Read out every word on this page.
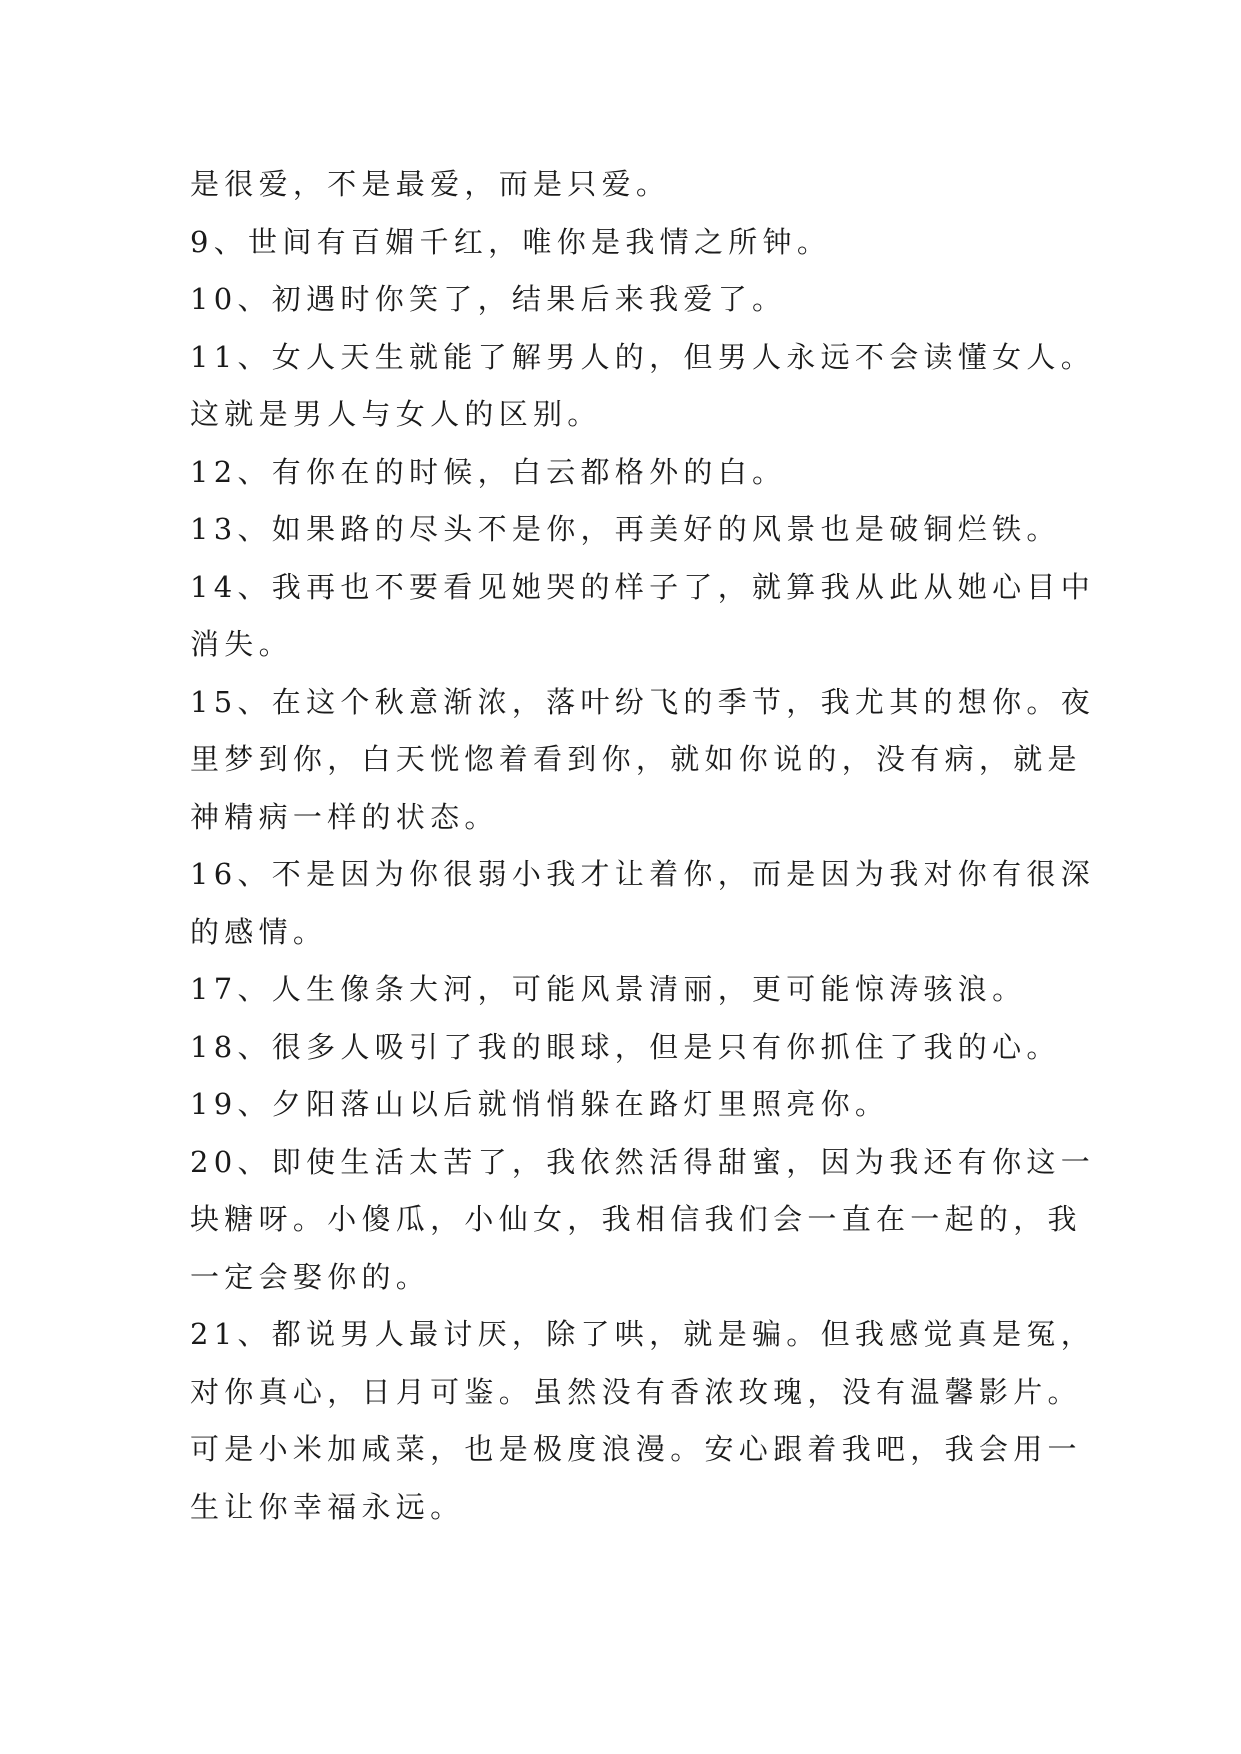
是很爱，不是最爱，而是只爱。
9、世间有百媚千红，唯你是我情之所钟。
10、初遇时你笑了，结果后来我爱了。
11、女人天生就能了解男人的，但男人永远不会读懂女人。
这就是男人与女人的区别。
12、有你在的时候，白云都格外的白。
13、如果路的尽头不是你，再美好的风景也是破铜烂铁。
14、我再也不要看见她哭的样子了，就算我从此从她心目中
消失。
15、在这个秋意渐浓，落叶纷飞的季节，我尤其的想你。夜
里梦到你，白天恍惚着看到你，就如你说的，没有病，就是
神精病一样的状态。
16、不是因为你很弱小我才让着你，而是因为我对你有很深
的感情。
17、人生像条大河，可能风景清丽，更可能惊涛骇浪。
18、很多人吸引了我的眼球，但是只有你抓住了我的心。
19、夕阳落山以后就悄悄躲在路灯里照亮你。
20、即使生活太苦了，我依然活得甜蜜，因为我还有你这一
块糖呀。小傻瓜，小仙女，我相信我们会一直在一起的，我
一定会娶你的。
21、都说男人最讨厌，除了哄，就是骗。但我感觉真是冤，
对你真心，日月可鉴。虽然没有香浓玫瑰，没有温馨影片。
可是小米加咸菜，也是极度浪漫。安心跟着我吧，我会用一
生让你幸福永远。
